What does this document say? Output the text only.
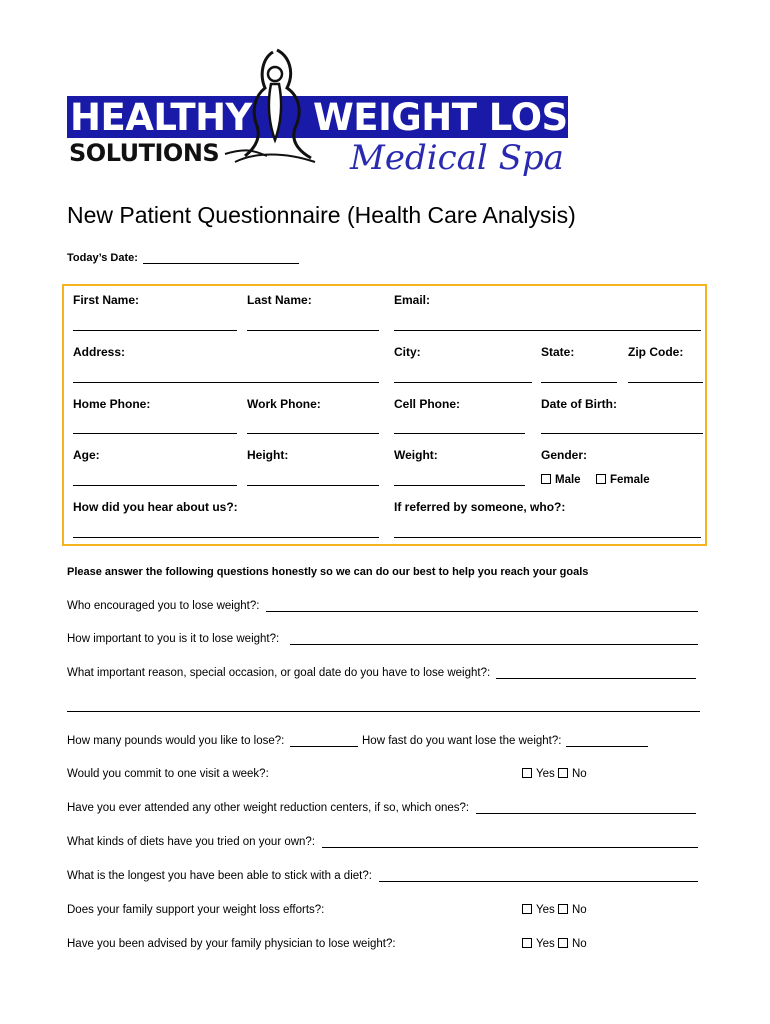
HEALTHY WEIGHT LOSS
SOLUTIONS	Medical Spa
New Patient Questionnaire (Health Care Analysis)
Today’s Date:
First Name:	Last Name:	Email:
Address:	City:	State:	Zip Code:
Home Phone:	Work Phone:	Cell Phone:	Date of Birth:
Age:	Height:	Weight:	Gender:
Male	Female
How did you hear about us?:	If referred by someone, who?:
Please answer the following questions honestly so we can do our best to help you reach your goals
Who encouraged you to lose weight?:
How important to you is it to lose weight?:
What important reason, special occasion, or goal date do you have to lose weight?:
How many pounds would you like to lose?:	How fast do you want lose the weight?:
Would you commit to one visit a week?:	Yes No
Have you ever attended any other weight reduction centers, if so, which ones?:
What kinds of diets have you tried on your own?:
What is the longest you have been able to stick with a diet?:
Does your family support your weight loss efforts?:	Yes No
Have you been advised by your family physician to lose weight?:	Yes No
